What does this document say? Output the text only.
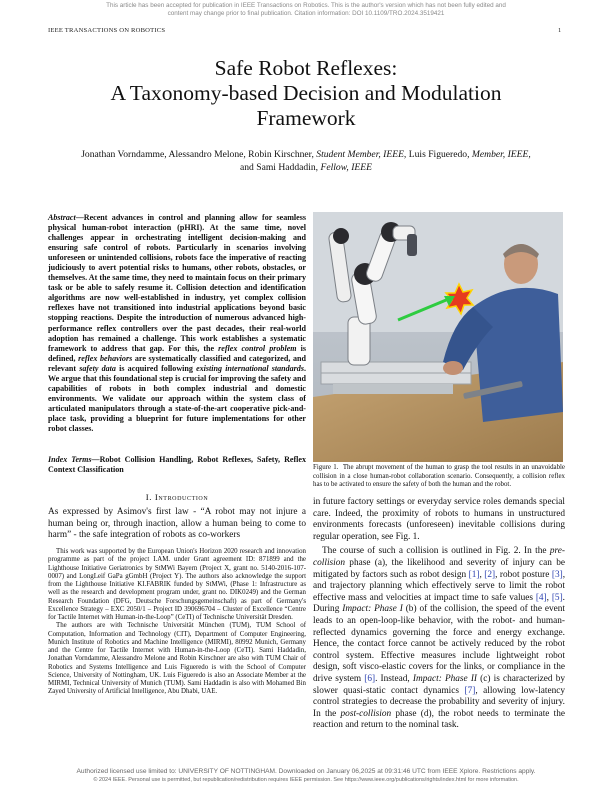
This article has been accepted for publication in IEEE Transactions on Robotics. This is the author's version which has not been fully edited and
content may change prior to final publication. Citation information: DOI 10.1109/TRO.2024.3519421
IEEE TRANSACTIONS ON ROBOTICS	1
Safe Robot Reflexes:
A Taxonomy-based Decision and Modulation
Framework
Jonathan Vorndamme, Alessandro Melone, Robin Kirschner, Student Member, IEEE, Luis Figueredo, Member, IEEE,
and Sami Haddadin, Fellow, IEEE
Abstract—Recent advances in control and planning allow for seamless physical human-robot interaction (pHRI). At the same time, novel challenges appear in orchestrating intelligent decision-making and ensuring safe control of robots. Particularly in scenarios involving unforeseen or unintended collisions, robots face the imperative of reacting judiciously to avert potential risks to humans, other robots, obstacles, or themselves. At the same time, they need to maintain focus on their primary task or be able to safely resume it. Collision detection and identification algorithms are now well-established in industry, yet complex collision reflexes have not transitioned into industrial applications beyond basic stopping reactions. Despite the introduction of numerous advanced high-performance reflex controllers over the past decades, their real-world adoption has remained a challenge. This work establishes a systematic framework to address that gap. For this, the reflex control problem is defined, reflex behaviors are systematically classified and categorized, and relevant safety data is acquired following existing international standards. We argue that this foundational step is crucial for improving the safety and capabilities of robots in both complex industrial and domestic environments. We validate our approach within the system class of articulated manipulators through a state-of-the-art cooperative pick-and-place task, providing a blueprint for future implementations for other robot classes.
Index Terms—Robot Collision Handling, Robot Reflexes, Safety, Reflex Context Classification	Figure 1. The abrupt movement of the human to grasp the tool results in an unavoidable collision in a close human-robot collaboration scenario. Consequently, a collision reflex has to be activated to ensure the safety of both the human and the robot.
I. Introduction
As expressed by Asimov's first law - “A robot may not injure a human being or, through inaction, allow a human being to come to harm” - the safe integration of robots as co-workers

This work was supported by the European Union's Horizon 2020 research and innovation programme as part of the project I.AM. under Grant agreement ID: 871899 and the Lighthouse Initiative Geriatronics by StMWi Bayern (Project X, grant no. 5140-2016-107-0007) and LongLeif GaPa gGmbH (Project Y). The authors also acknowledge the support from the Lighthouse Initiative KI.FABRIK funded by StMWi, (Phase 1: Infrastructure as well as the research and development program under, grant no. DIK0249) and the German Research Foundation (DFG, Deutsche Forschungsgemeinschaft) as part of Germany's Excellence Strategy – EXC 2050/1 – Project ID 390696704 – Cluster of Excellence “Centre for Tactile Internet with Human-in-the-Loop” (CeTI) of Technische Universität Dresden.

The authors are with Technische Universität München (TUM), TUM School of Computation, Information and Technology (CIT), Department of Computer Engineering, Munich Institute of Robotics and Machine Intelligence (MIRMI), 80992 Munich, Germany and the Centre for Tactile Internet with Human-in-the-Loop (CeTI). Sami Haddadin, Jonathan Vorndamme, Alessandro Melone and Robin Kirschner are also with TUM Chair of Robotics and Systems Intelligence and Luis Figueredo is with the School of Computer Science, University of Nottingham, UK. Luis Figueredo is also an Associate Member at the MIRMI, Technical University of Munich (TUM). Sami Haddadin is also with Mohamed Bin Zayed University of Artificial Intelligence, Abu Dhabi, UAE.

in future factory settings or everyday service roles demands special care. Indeed, the proximity of robots to humans in unstructured environments forecasts (unforeseen) inevitable collisions during regular operation, see Fig. 1.

The course of such a collision is outlined in Fig. 2. In the pre-collision phase (a), the likelihood and severity of injury can be mitigated by factors such as robot design [1], [2], robot posture [3], and trajectory planning which effectively serve to limit the robot effective mass and velocities at impact time to safe values [4], [5]. During Impact: Phase I (b) of the collision, the speed of the event leads to an open-loop-like behavior, with the robot- and human-reflected dynamics governing the force and energy exchange. Hence, the contact force cannot be actively reduced by the robot control system. Effective measures include lightweight robot design, soft visco-elastic covers for the links, or compliance in the drive system [6]. Instead, Impact: Phase II (c) is characterized by slower quasi-static contact dynamics [7], allowing low-latency control strategies to decrease the probability and severity of injury. In the post-collision phase (d), the robot needs to terminate the reaction and return to the nominal task.

Authorized licensed use limited to: UNIVERSITY OF NOTTINGHAM. Downloaded on January 06,2025 at 09:31:46 UTC from IEEE Xplore. Restrictions apply.
© 2024 IEEE. Personal use is permitted, but republication/redistribution requires IEEE permission. See https://www.ieee.org/publications/rights/index.html for more information.
